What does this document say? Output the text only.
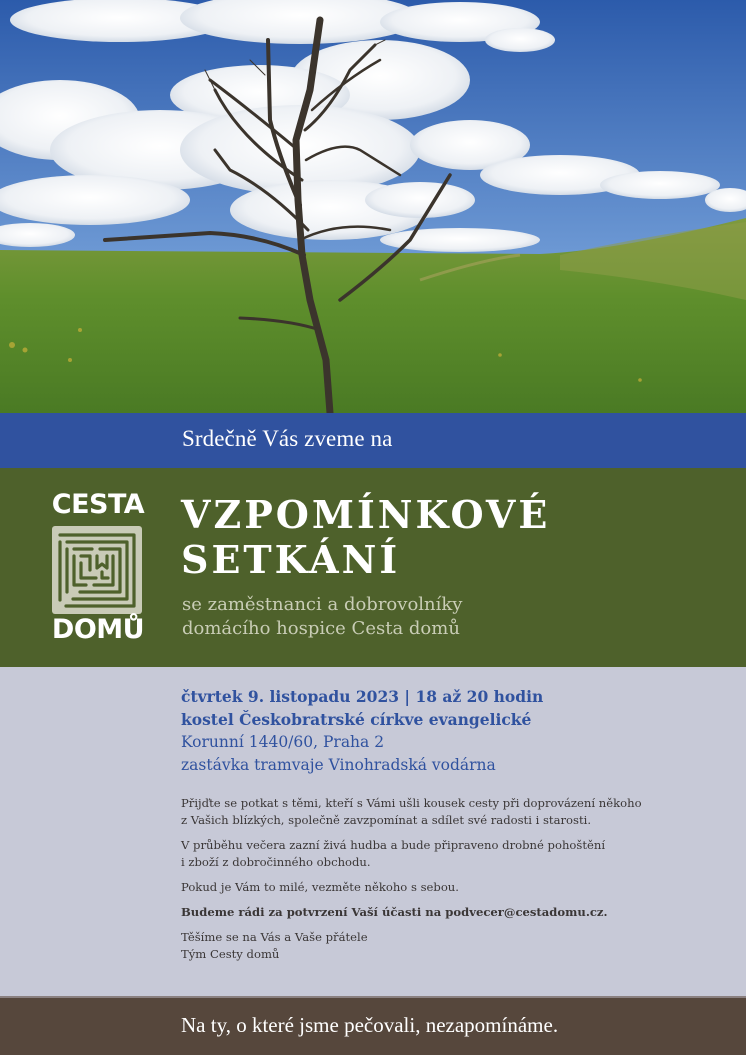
Srdečně Vás zveme na
CESTA
DOMŮ
VZPOMÍNKOVÉ
SETKÁNÍ
se zaměstnanci a dobrovolníky
domácího hospice Cesta domů
čtvrtek 9. listopadu 2023 | 18 až 20 hodin
kostel Českobratrské církve evangelické
Korunní 1440/60, Praha 2
zastávka tramvaje Vinohradská vodárna

Přijďte se potkat s těmi, kteří s Vámi ušli kousek cesty při doprovázení někoho
z Vašich blízkých, společně zavzpomínat a sdílet své radosti i starosti.

V průběhu večera zazní živá hudba a bude připraveno drobné pohoštění
i zboží z dobročinného obchodu.

Pokud je Vám to milé, vezměte někoho s sebou.

Budeme rádi za potvrzení Vaší účasti na podvecer@cestadomu.cz.

Těšíme se na Vás a Vaše přátele
Tým Cesty domů

Na ty, o které jsme pečovali, nezapomínáme.
